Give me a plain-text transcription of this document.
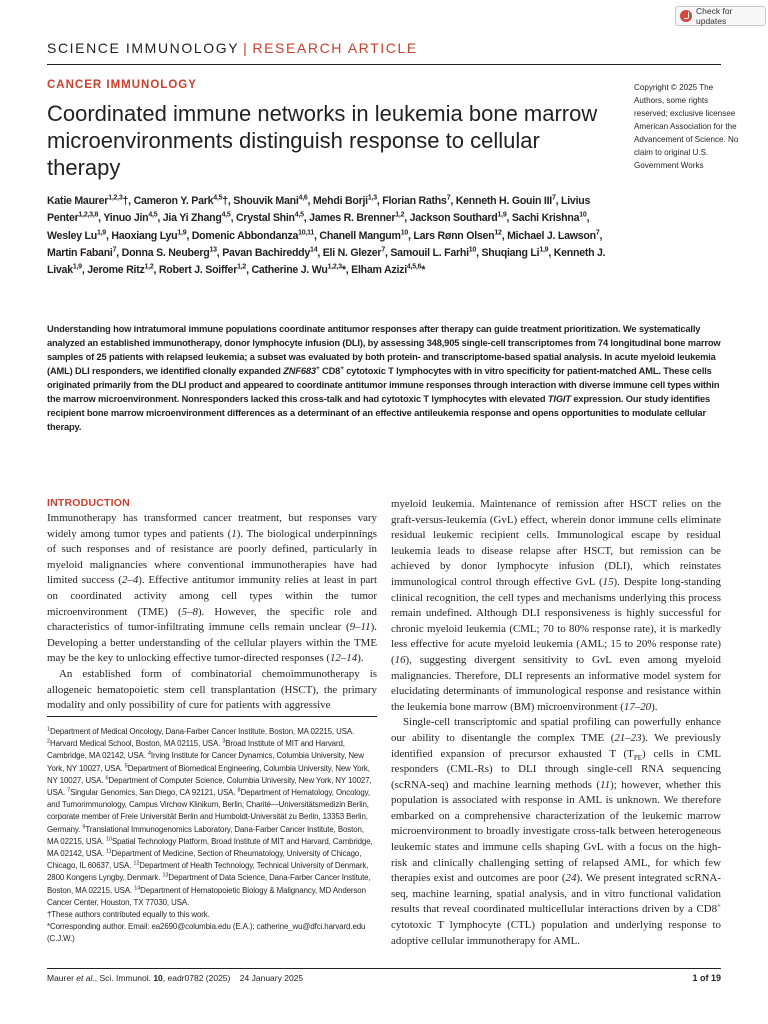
Check for updates
SCIENCE IMMUNOLOGY | RESEARCH ARTICLE
CANCER IMMUNOLOGY
Coordinated immune networks in leukemia bone marrow microenvironments distinguish response to cellular therapy
Copyright © 2025 The Authors, some rights reserved; exclusive licensee American Association for the Advancement of Science. No claim to original U.S. Government Works
Katie Maurer$^{1,2,3}$†, Cameron Y. Park$^{4,5}$†, Shouvik Mani$^{4,6}$, Mehdi Borji$^{1,3}$, Florian Raths$^7$, Kenneth H. Gouin III$^7$, Livius Penter$^{1,2,3,8}$, Yinuo Jin$^{4,5}$, Jia Yi Zhang$^{4,5}$, Crystal Shin$^{4,5}$, James R. Brenner$^{1,2}$, Jackson Southard$^{1,9}$, Sachi Krishna$^{10}$, Wesley Lu$^{1,9}$, Haoxiang Lyu$^{1,9}$, Domenic Abbondanza$^{10,11}$, Chanell Mangum$^{10}$, Lars Rønn Olsen$^{12}$, Michael J. Lawson$^7$, Martin Fabani$^7$, Donna S. Neuberg$^{13}$, Pavan Bachireddy$^{14}$, Eli N. Glezer$^7$, Samouil L. Farhi$^{10}$, Shuqiang Li$^{1,9}$, Kenneth J. Livak$^{1,9}$, Jerome Ritz$^{1,2}$, Robert J. Soiffer$^{1,2}$, Catherine J. Wu$^{1,2,3}$*, Elham Azizi$^{4,5,6}$*

Understanding how intratumoral immune populations coordinate antitumor responses after therapy can guide treatment prioritization. We systematically analyzed an established immunotherapy, donor lymphocyte infusion (DLI), by assessing 348,905 single-cell transcriptomes from 74 longitudinal bone marrow samples of 25 patients with relapsed leukemia; a subset was evaluated by both protein- and transcriptome-based spatial analysis. In acute myeloid leukemia (AML) DLI responders, we identified clonally expanded ZNF683+ CD8+ cytotoxic T lymphocytes with in vitro specificity for patient-matched AML. These cells originated primarily from the DLI product and appeared to coordinate antitumor immune responses through interaction with diverse immune cell types within the marrow microenvironment. Nonresponders lacked this cross-talk and had cytotoxic T lymphocytes with elevated TIGIT expression. Our study identifies recipient bone marrow microenvironment differences as a determinant of an effective antileukemia response and opens opportunities to modulate cellular therapy.

INTRODUCTION

Immunotherapy has transformed cancer treatment, but responses vary widely among tumor types and patients (1). The biological underpinnings of such responses and of resistance are poorly defined, particularly in myeloid malignancies where conventional immunotherapies have had limited success (2–4). Effective antitumor immunity relies at least in part on coordinated activity among cell types within the tumor microenvironment (TME) (5–8). However, the specific role and characteristics of tumor-infiltrating immune cells remain unclear (9–11). Developing a better understanding of the cellular players within the TME may be the key to unlocking effective tumor-directed responses (12–14).

An established form of combinatorial chemoimmunotherapy is allogeneic hematopoietic stem cell transplantation (HSCT), the primary modality and only possibility of cure for patients with aggressive

$^1$Department of Medical Oncology, Dana-Farber Cancer Institute, Boston, MA 02215, USA. $^2$Harvard Medical School, Boston, MA 02115, USA. $^3$Broad Institute of MIT and Harvard, Cambridge, MA 02142, USA. $^4$Irving Institute for Cancer Dynamics, Columbia University, New York, NY 10027, USA. $^5$Department of Biomedical Engineering, Columbia University, New York, NY 10027, USA. $^6$Department of Computer Science, Columbia University, New York, NY 10027, USA. $^7$Singular Genomics, San Diego, CA 92121, USA. $^8$Department of Hematology, Oncology, and Tumorimmunology, Campus Virchow Klinikum, Berlin, Charité—Universitätsmedizin Berlin, corporate member of Freie Universität Berlin and Humboldt-Universität zu Berlin, 13353 Berlin, Germany. $^9$Translational Immunogenomics Laboratory, Dana-Farber Cancer Institute, Boston, MA 02215, USA. $^{10}$Spatial Technology Platform, Broad Institute of MIT and Harvard, Cambridge, MA 02142, USA. $^{11}$Department of Medicine, Section of Rheumatology, University of Chicago, Chicago, IL 60637, USA. $^{12}$Department of Health Technology, Technical University of Denmark, 2800 Kongens Lyngby, Denmark. $^{13}$Department of Data Science, Dana-Farber Cancer Institute, Boston, MA 02215, USA. $^{14}$Department of Hematopoietic Biology & Malignancy, MD Anderson Cancer Center, Houston, TX 77030, USA.
†These authors contributed equally to this work.
*Corresponding author. Email: ea2690@columbia.edu (E.A.); catherine_wu@dfci.harvard.edu (C.J.W.)

myeloid leukemia. Maintenance of remission after HSCT relies on the graft-versus-leukemia (GvL) effect, wherein donor immune cells eliminate residual leukemic recipient cells. Immunological escape by residual leukemia leads to disease relapse after HSCT, but remission can be achieved by donor lymphocyte infusion (DLI), which reinstates immunological control through effective GvL (15). Despite long-standing clinical recognition, the cell types and mechanisms underlying this process remain undefined. Although DLI responsiveness is highly successful for chronic myeloid leukemia (CML; 70 to 80% response rate), it is markedly less effective for acute myeloid leukemia (AML; 15 to 20% response rate) (16), suggesting divergent sensitivity to GvL even among myeloid malignancies. Therefore, DLI represents an informative model system for elucidating determinants of immunological response and resistance within the leukemia bone marrow (BM) microenvironment (17–20).

Single-cell transcriptomic and spatial profiling can powerfully enhance our ability to disentangle the complex TME (21–23). We previously identified expansion of precursor exhausted T $(T_{PE})$ cells in CML responders (CML-Rs) to DLI through single-cell RNA sequencing (scRNA-seq) and machine learning methods (11); however, whether this population is associated with response in AML is unknown. We therefore embarked on a comprehensive characterization of the leukemic marrow microenvironment to broadly investigate cross-talk between heterogeneous leukemic states and immune cells shaping GvL with a focus on the high-risk and clinically challenging setting of relapsed AML, for which few therapies exist and outcomes are poor (24). We present integrated scRNA-seq, machine learning, spatial analysis, and in vitro functional validation results that reveal coordinated multicellular interactions driven by a CD8+ cytotoxic T lymphocyte (CTL) population and underlying response to adoptive cellular immunotherapy for AML.

Maurer et al., Sci. Immunol. 10, eadr0782 (2025)    24 January 2025	1 of 19
